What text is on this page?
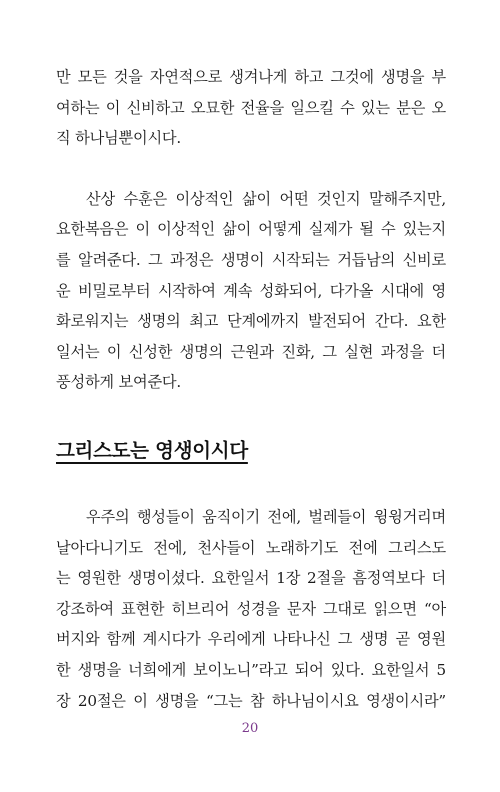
만 모든 것을 자연적으로 생겨나게 하고 그것에 생명을 부
여하는 이 신비하고 오묘한 전율을 일으킬 수 있는 분은 오
직 하나님뿐이시다.

산상 수훈은 이상적인 삶이 어떤 것인지 말해주지만,
요한복음은 이 이상적인 삶이 어떻게 실제가 될 수 있는지
를 알려준다. 그 과정은 생명이 시작되는 거듭남의 신비로
운 비밀로부터 시작하여 계속 성화되어, 다가올 시대에 영
화로워지는 생명의 최고 단계에까지 발전되어 간다. 요한
일서는 이 신성한 생명의 근원과 진화, 그 실현 과정을 더
풍성하게 보여준다.

그리스도는 영생이시다

우주의 행성들이 움직이기 전에, 벌레들이 윙윙거리며
날아다니기도 전에, 천사들이 노래하기도 전에 그리스도
는 영원한 생명이셨다. 요한일서 1장 2절을 흠정역보다 더
강조하여 표현한 히브리어 성경을 문자 그대로 읽으면 “아
버지와 함께 계시다가 우리에게 나타나신 그 생명 곧 영원
한 생명을 너희에게 보이노니”라고 되어 있다. 요한일서 5
장 20절은 이 생명을 “그는 참 하나님이시요 영생이시라”

20
